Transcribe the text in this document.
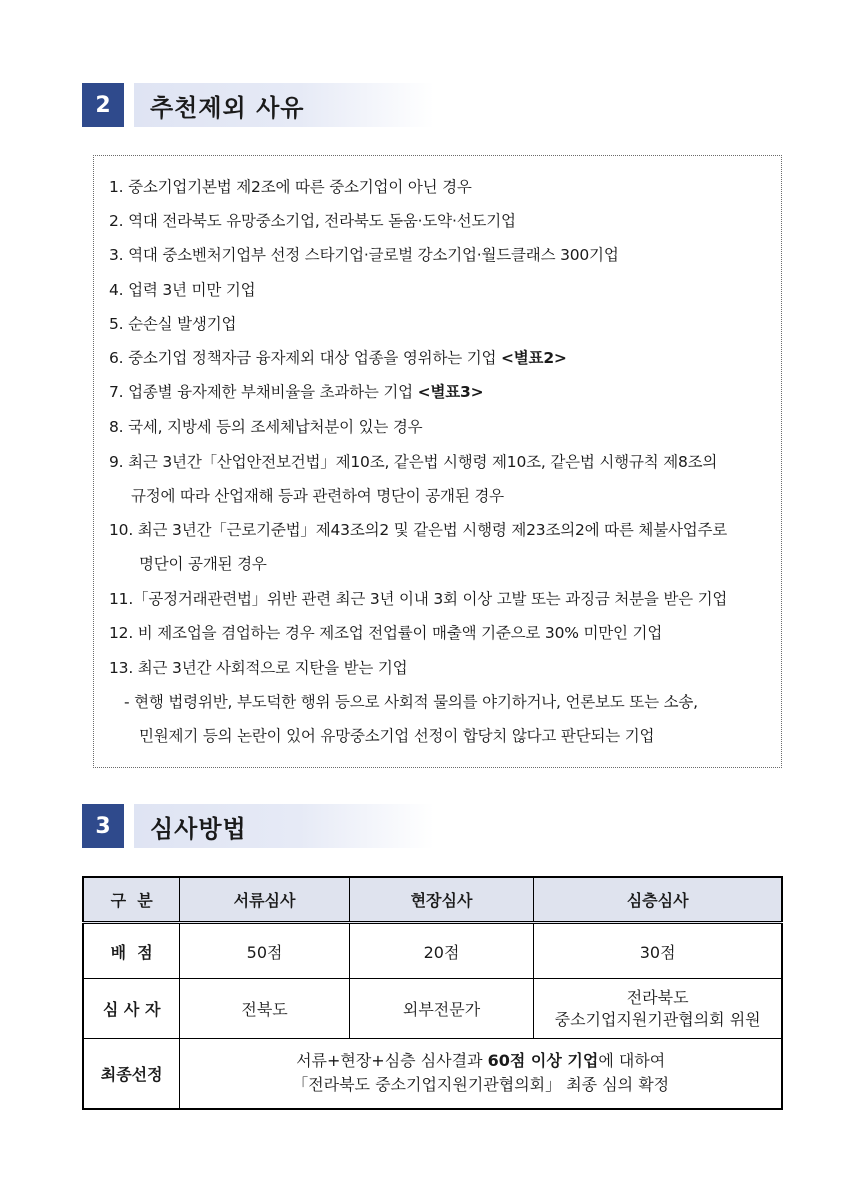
2	추천제외 사유
1. 중소기업기본법 제2조에 따른 중소기업이 아닌 경우
2. 역대 전라북도 유망중소기업, 전라북도 돋움·도약·선도기업
3. 역대 중소벤처기업부 선정 스타기업·글로벌 강소기업·월드클래스 300기업
4. 업력 3년 미만 기업
5. 순손실 발생기업
6. 중소기업 정책자금 융자제외 대상 업종을 영위하는 기업 <별표2>
7. 업종별 융자제한 부채비율을 초과하는 기업 <별표3>
8. 국세, 지방세 등의 조세체납처분이 있는 경우
9. 최근 3년간「산업안전보건법」제10조, 같은법 시행령 제10조, 같은법 시행규칙 제8조의
규정에 따라 산업재해 등과 관련하여 명단이 공개된 경우
10. 최근 3년간「근로기준법」제43조의2 및 같은법 시행령 제23조의2에 따른 체불사업주로
명단이 공개된 경우
11.「공정거래관련법」위반 관련 최근 3년 이내 3회 이상 고발 또는 과징금 처분을 받은 기업
12. 비 제조업을 겸업하는 경우 제조업 전업률이 매출액 기준으로 30% 미만인 기업
13. 최근 3년간 사회적으로 지탄을 받는 기업
- 현행 법령위반, 부도덕한 행위 등으로 사회적 물의를 야기하거나, 언론보도 또는 소송,
민원제기 등의 논란이 있어 유망중소기업 선정이 합당치 않다고 판단되는 기업
3	심사방법
구  분	서류심사	현장심사	심층심사
배  점	50점	20점	30점
심 사 자	전북도	외부전문가	전라북도
중소기업지원기관협의회 위원

최종선정	서류+현장+심층 심사결과 60점 이상 기업에 대하여
「전라북도 중소기업지원기관협의회」 최종 심의 확정		
